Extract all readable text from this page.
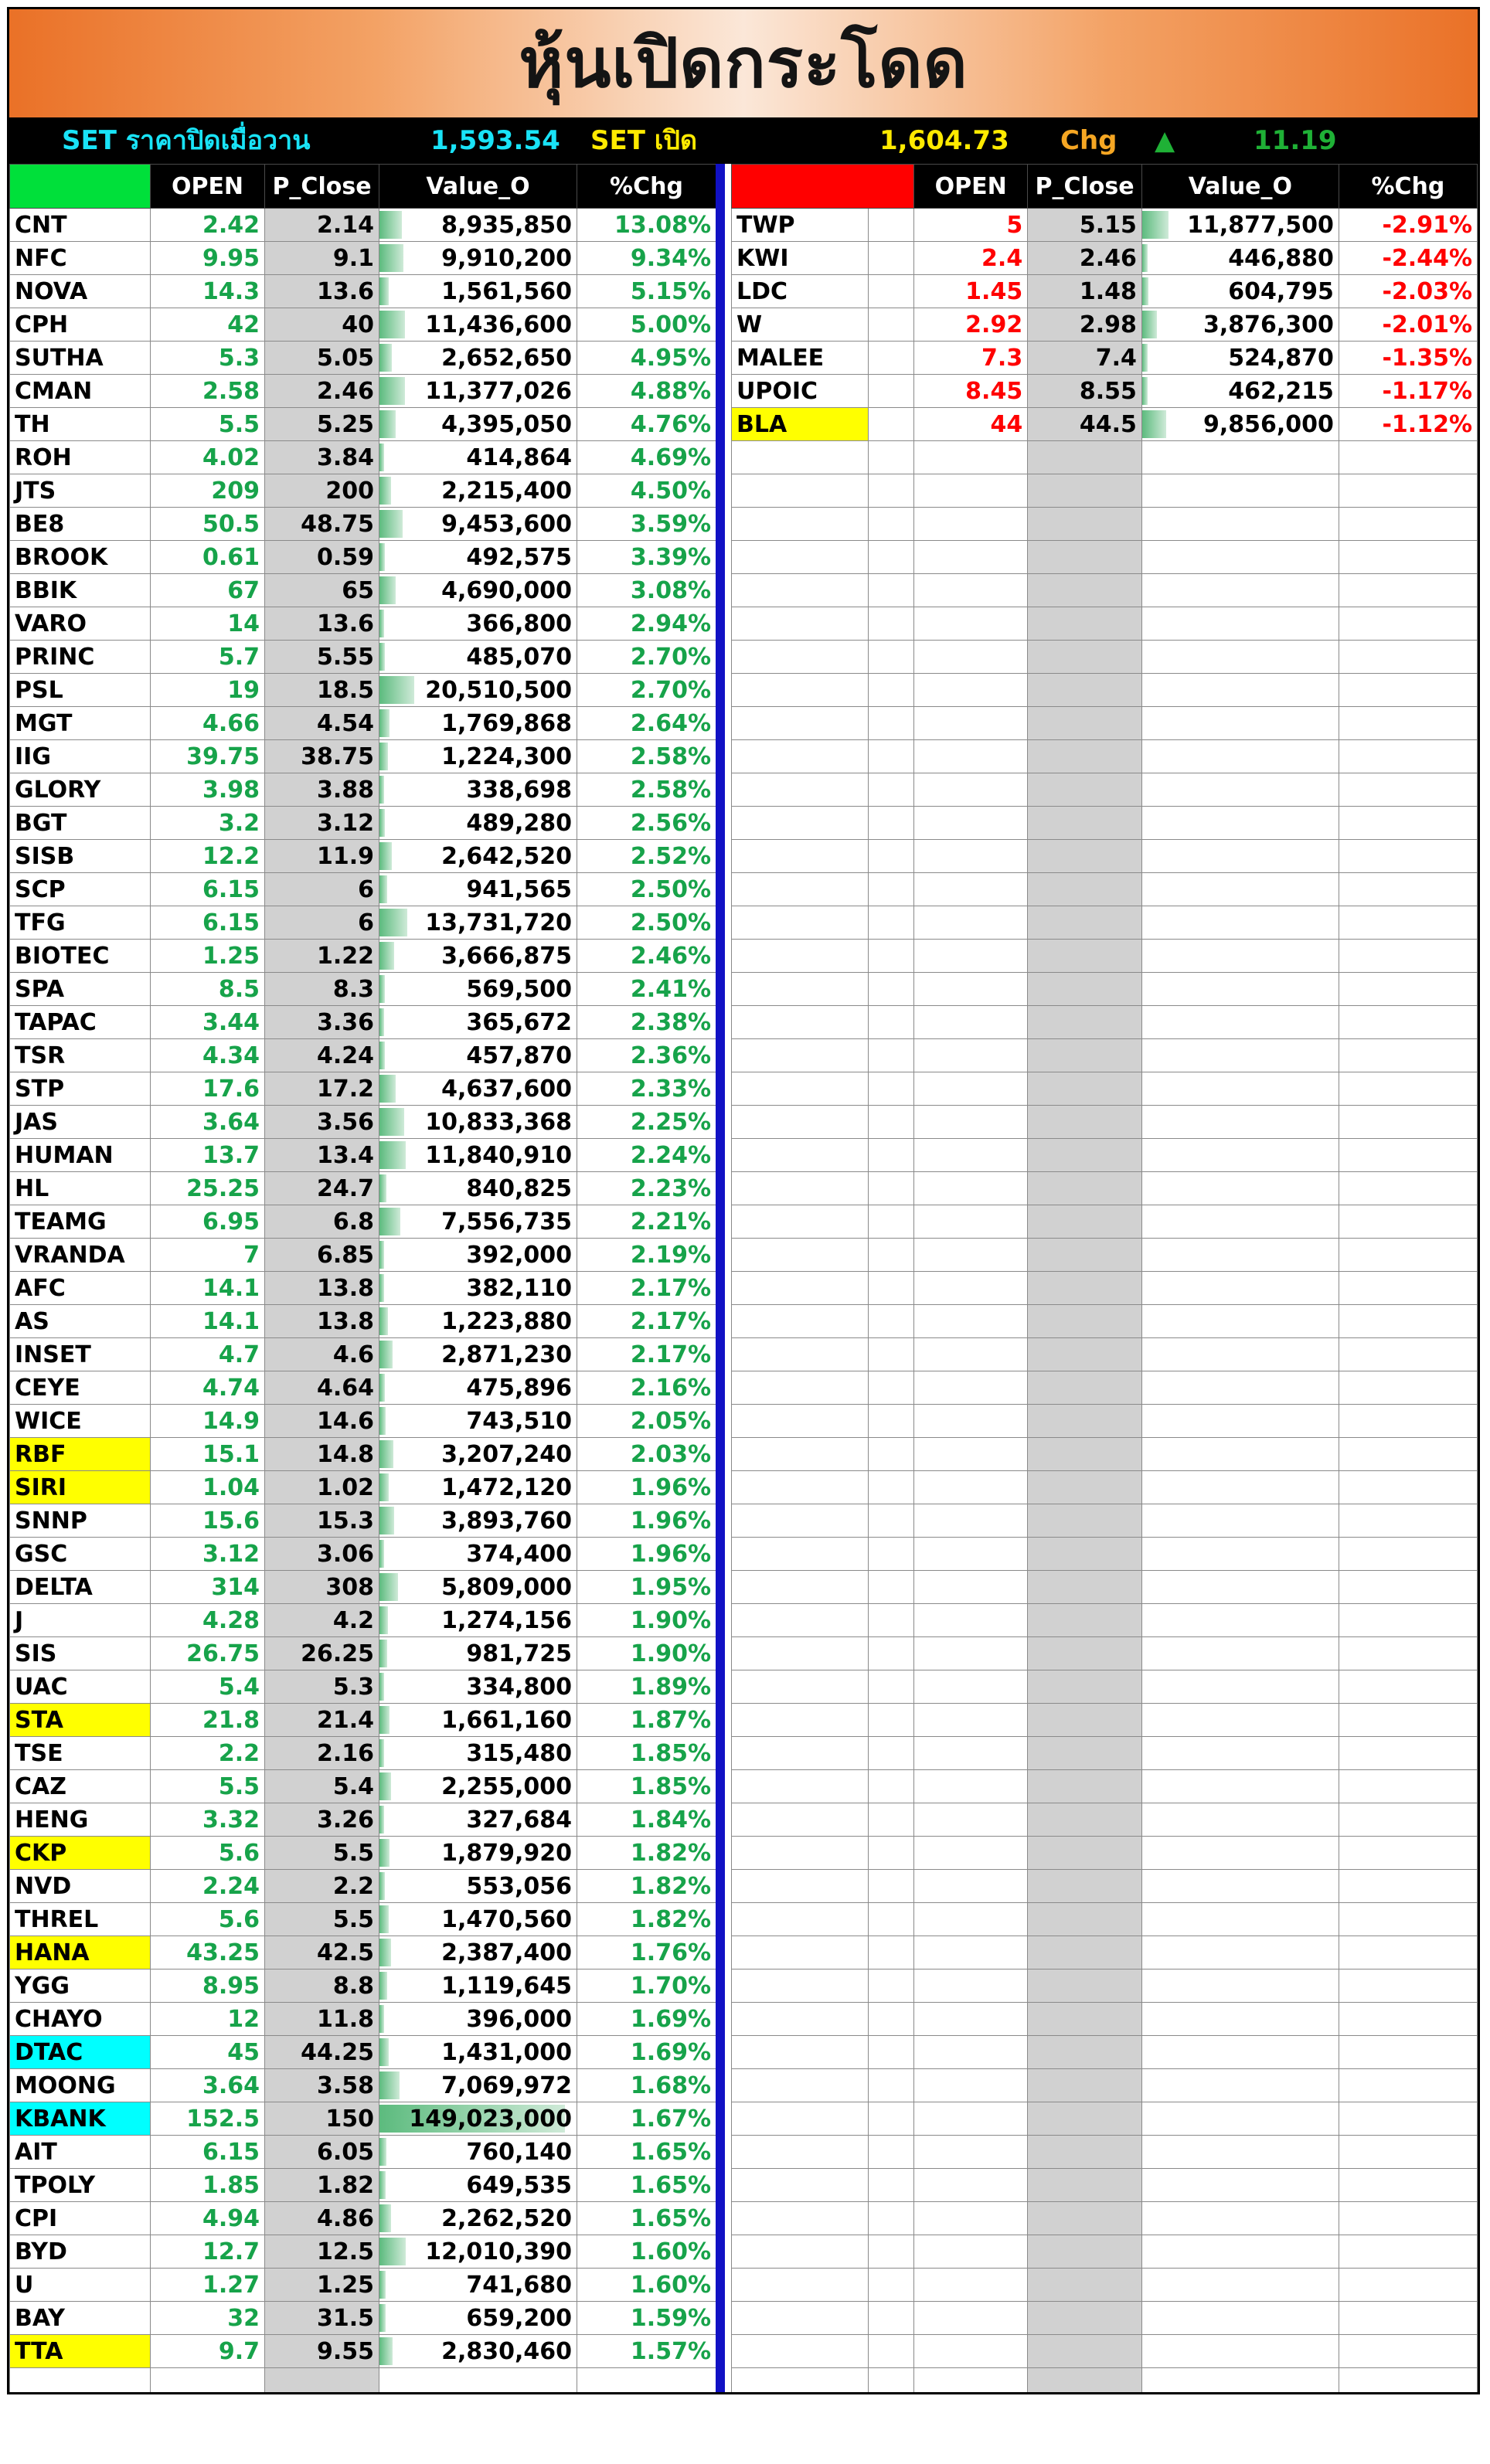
หุ้นเปิดกระโดด
SET ราคาปิดเมื่อวาน	1,593.54 SET เปิด	1,604.73 Chg ▲	11.19
	OPEN	P_Close	Value_O	%Chg
CNT	2.42	2.14	8,935,850	13.08%
NFC	9.95	9.1	9,910,200	9.34%
NOVA	14.3	13.6	1,561,560	5.15%
CPH	42	40	11,436,600	5.00%
SUTHA	5.3	5.05	2,652,650	4.95%
CMAN	2.58	2.46	11,377,026	4.88%
TH	5.5	5.25	4,395,050	4.76%
ROH	4.02	3.84	414,864	4.69%
JTS	209	200	2,215,400	4.50%
BE8	50.5	48.75	9,453,600	3.59%
BROOK	0.61	0.59	492,575	3.39%
BBIK	67	65	4,690,000	3.08%
VARO	14	13.6	366,800	2.94%
PRINC	5.7	5.55	485,070	2.70%
PSL	19	18.5	20,510,500	2.70%
MGT	4.66	4.54	1,769,868	2.64%
IIG	39.75	38.75	1,224,300	2.58%
GLORY	3.98	3.88	338,698	2.58%
BGT	3.2	3.12	489,280	2.56%
SISB	12.2	11.9	2,642,520	2.52%
SCP	6.15	6	941,565	2.50%
TFG	6.15	6	13,731,720	2.50%
BIOTEC	1.25	1.22	3,666,875	2.46%
SPA	8.5	8.3	569,500	2.41%
TAPAC	3.44	3.36	365,672	2.38%
TSR	4.34	4.24	457,870	2.36%
STP	17.6	17.2	4,637,600	2.33%
JAS	3.64	3.56	10,833,368	2.25%
HUMAN	13.7	13.4	11,840,910	2.24%
HL	25.25	24.7	840,825	2.23%
TEAMG	6.95	6.8	7,556,735	2.21%
VRANDA	7	6.85	392,000	2.19%
AFC	14.1	13.8	382,110	2.17%
AS	14.1	13.8	1,223,880	2.17%
INSET	4.7	4.6	2,871,230	2.17%
CEYE	4.74	4.64	475,896	2.16%
WICE	14.9	14.6	743,510	2.05%
RBF	15.1	14.8	3,207,240	2.03%
SIRI	1.04	1.02	1,472,120	1.96%
SNNP	15.6	15.3	3,893,760	1.96%
GSC	3.12	3.06	374,400	1.96%
DELTA	314	308	5,809,000	1.95%
J	4.28	4.2	1,274,156	1.90%
SIS	26.75	26.25	981,725	1.90%
UAC	5.4	5.3	334,800	1.89%
STA	21.8	21.4	1,661,160	1.87%
TSE	2.2	2.16	315,480	1.85%
CAZ	5.5	5.4	2,255,000	1.85%
HENG	3.32	3.26	327,684	1.84%
CKP	5.6	5.5	1,879,920	1.82%
NVD	2.24	2.2	553,056	1.82%
THREL	5.6	5.5	1,470,560	1.82%
HANA	43.25	42.5	2,387,400	1.76%
YGG	8.95	8.8	1,119,645	1.70%
CHAYO	12	11.8	396,000	1.69%
DTAC	45	44.25	1,431,000	1.69%
MOONG	3.64	3.58	7,069,972	1.68%
KBANK	152.5	150	149,023,000	1.67%
AIT	6.15	6.05	760,140	1.65%
TPOLY	1.85	1.82	649,535	1.65%
CPI	4.94	4.86	2,262,520	1.65%
BYD	12.7	12.5	12,010,390	1.60%
U	1.27	1.25	741,680	1.60%
BAY	32	31.5	659,200	1.59%
TTA	9.7	9.55	2,830,460	1.57%

		OPEN	P_Close	Value_O	%Chg
TWP		5	5.15	11,877,500	-2.91%
KWI		2.4	2.46	446,880	-2.44%
LDC		1.45	1.48	604,795	-2.03%
W		2.92	2.98	3,876,300	-2.01%
MALEE		7.3	7.4	524,870	-1.35%
UPOIC		8.45	8.55	462,215	-1.17%
BLA		44	44.5	9,856,000	-1.12%
